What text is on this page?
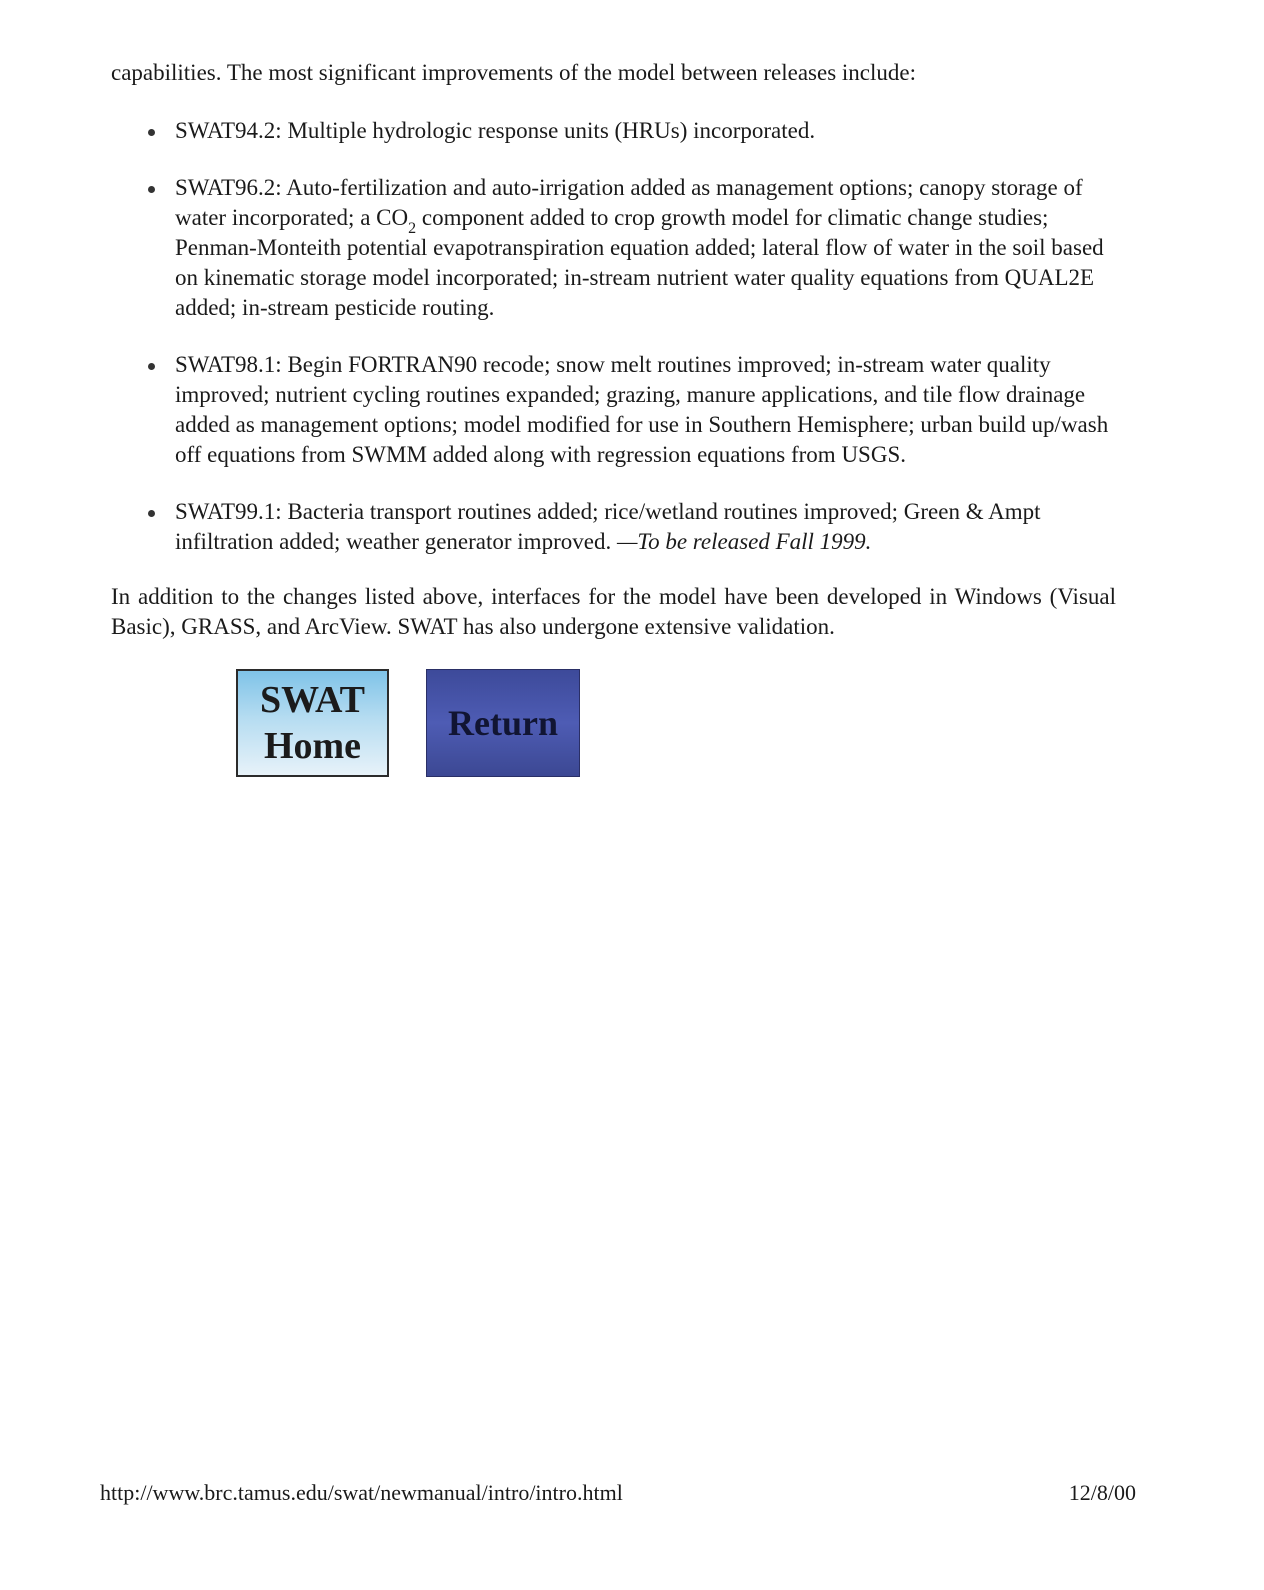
capabilities. The most significant improvements of the model between releases include:
SWAT94.2: Multiple hydrologic response units (HRUs) incorporated.
SWAT96.2: Auto-fertilization and auto-irrigation added as management options; canopy storage of water incorporated; a $CO_2$ component added to crop growth model for climatic change studies; Penman-Monteith potential evapotranspiration equation added; lateral flow of water in the soil based on kinematic storage model incorporated; in-stream nutrient water quality equations from QUAL2E added; in-stream pesticide routing.
SWAT98.1: Begin FORTRAN90 recode; snow melt routines improved; in-stream water quality improved; nutrient cycling routines expanded; grazing, manure applications, and tile flow drainage added as management options; model modified for use in Southern Hemisphere; urban build up/wash off equations from SWMM added along with regression equations from USGS.
SWAT99.1: Bacteria transport routines added; rice/wetland routines improved; Green & Ampt infiltration added; weather generator improved. —To be released Fall 1999.
In addition to the changes listed above, interfaces for the model have been developed in Windows (Visual Basic), GRASS, and ArcView. SWAT has also undergone extensive validation.
SWAT
Home
Return
http://www.brc.tamus.edu/swat/newmanual/intro/intro.html	12/8/00
